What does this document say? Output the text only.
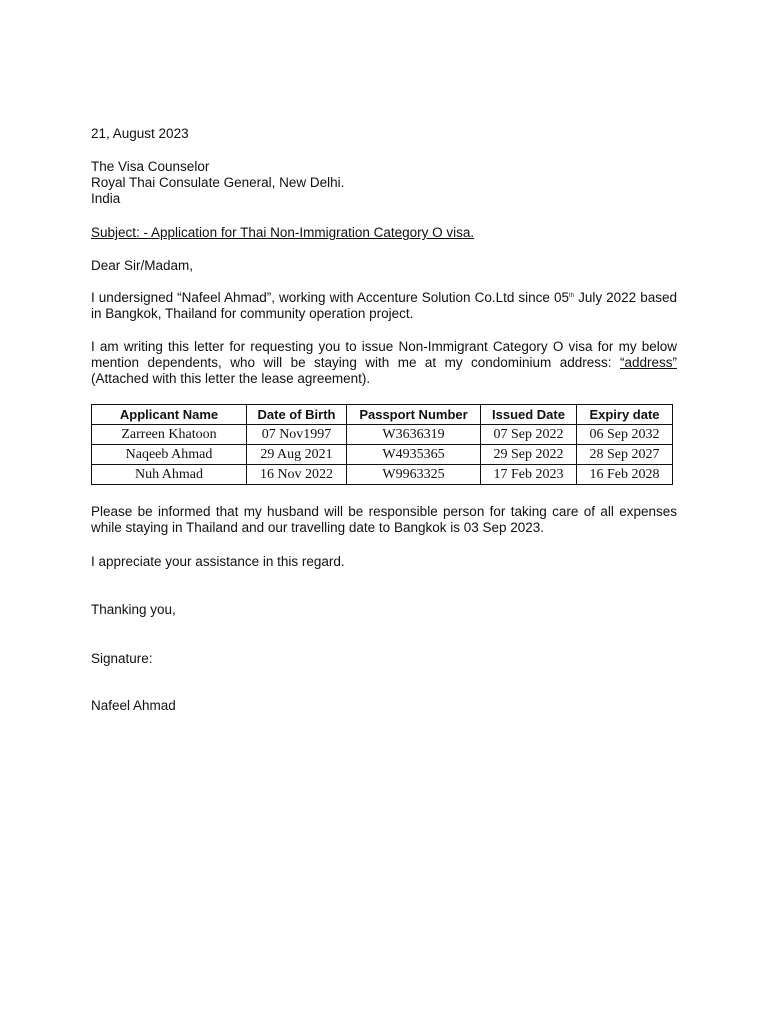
21, August 2023
The Visa Counselor
Royal Thai Consulate General, New Delhi.
India
Subject: - Application for Thai Non-Immigration Category O visa.
Dear Sir/Madam,
I undersigned “Nafeel Ahmad”, working with Accenture Solution Co.Ltd since 05th July 2022 based in Bangkok, Thailand for community operation project.
I am writing this letter for requesting you to issue Non-Immigrant Category O visa for my below mention dependents, who will be staying with me at my condominium address: “address” (Attached with this letter the lease agreement).
Applicant Name	Date of Birth	Passport Number	Issued Date	Expiry date
Zarreen Khatoon	07 Nov1997	W3636319	07 Sep 2022	06 Sep 2032
Naqeeb Ahmad	29 Aug 2021	W4935365	29 Sep 2022	28 Sep 2027
Nuh Ahmad	16 Nov 2022	W9963325	17 Feb 2023	16 Feb 2028
Please be informed that my husband will be responsible person for taking care of all expenses while staying in Thailand and our travelling date to Bangkok is 03 Sep 2023.
I appreciate your assistance in this regard.
Thanking you,
Signature:
Nafeel Ahmad
